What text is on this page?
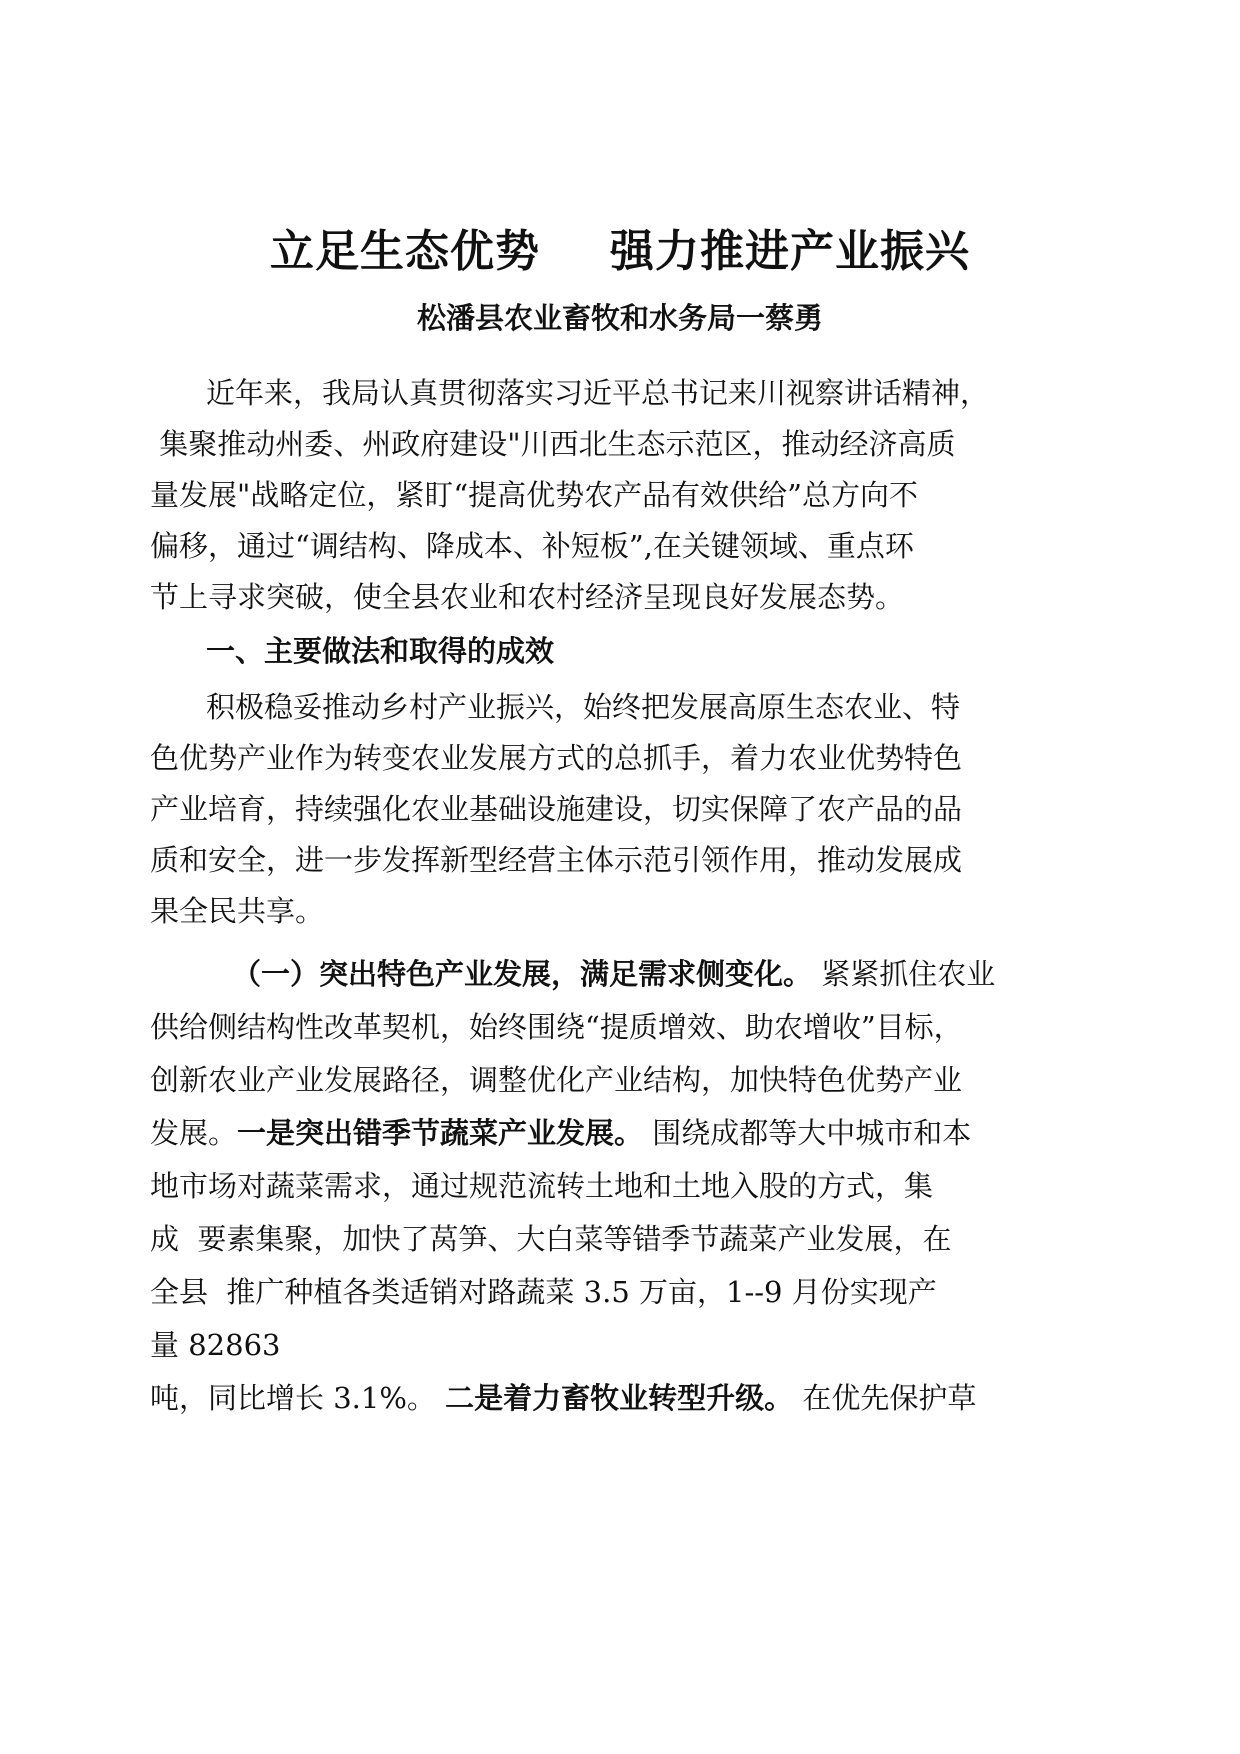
立足生态优势 强力推进产业振兴
松潘县农业畜牧和水务局一蔡勇
近年来，我局认真贯彻落实习近平总书记来川视察讲话精神，
集聚推动州委、州政府建设"川西北生态示范区，推动经济高质
量发展"战略定位，紧盯“提高优势农产品有效供给”总方向不
偏移，通过“调结构、降成本、补短板”,在关键领域、重点环
节上寻求突破，使全县农业和农村经济呈现良好发展态势。
一、主要做法和取得的成效
积极稳妥推动乡村产业振兴，始终把发展高原生态农业、特
色优势产业作为转变农业发展方式的总抓手，着力农业优势特色
产业培育，持续强化农业基础设施建设，切实保障了农产品的品
质和安全，进一步发挥新型经营主体示范引领作用，推动发展成
果全民共享。
（一）突出特色产业发展，满足需求侧变化。 紧紧抓住农业
供给侧结构性改革契机，始终围绕“提质增效、助农增收”目标，
创新农业产业发展路径，调整优化产业结构，加快特色优势产业
发展。一是突出错季节蔬菜产业发展。 围绕成都等大中城市和本
地市场对蔬菜需求，通过规范流转土地和土地入股的方式，集
成  要素集聚，加快了莴笋、大白菜等错季节蔬菜产业发展，在
全县  推广种植各类适销对路蔬菜 3.5 万亩，1--9 月份实现产
量 82863
吨，同比增长 3.1%。 二是着力畜牧业转型升级。 在优先保护草
